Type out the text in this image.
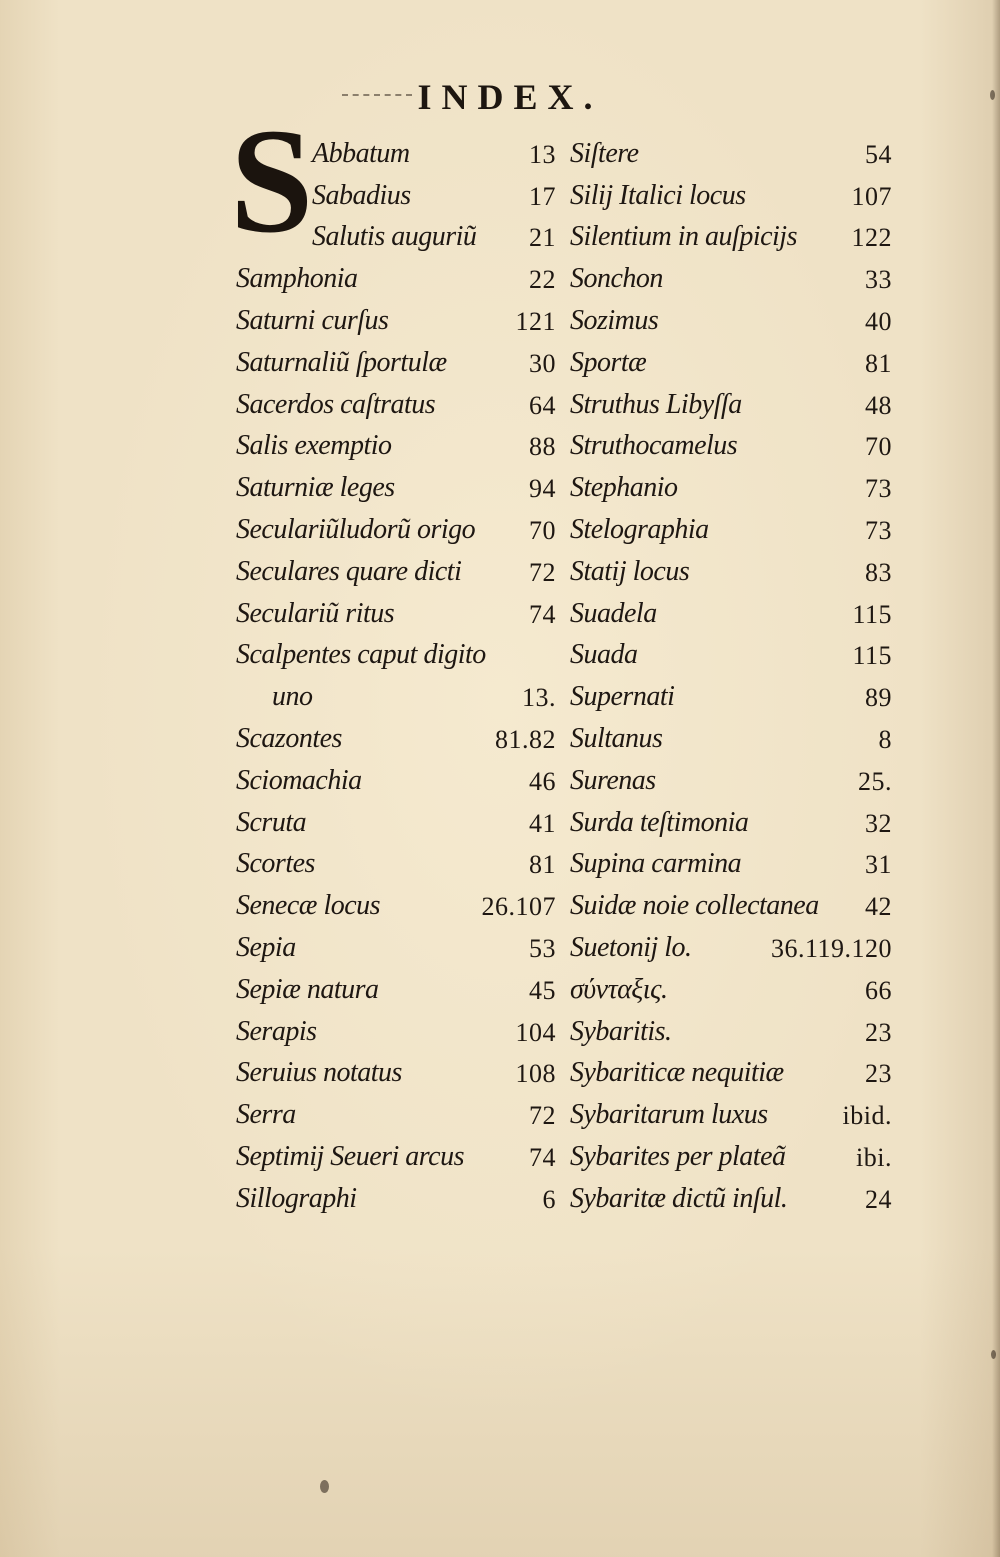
INDEX.
S
Abbatum	13
Sabadius	17
Salutis auguriũ 21
Samphonia	22
Saturni curſus	121
Saturnaliũ ſportulæ	30
Sacerdos caſtratus	64
Salis exemptio	88
Saturniæ leges	94
Seculariũludorũ origo 70
Seculares quare dicti	72
Seculariũ ritus	74
Scalpentes caput digito
uno	13.
Scazontes	81.82
Sciomachia	46
Scruta	41
Scortes	81
Senecæ locus	26.107
Sepia	53
Sepiæ natura	45
Serapis	104
Seruius notatus	108
Serra	72
Septimij Seueri arcus	74
Sillographi	6
Siſtere	54
Silij Italici locus	107
Silentium in auſpicijs 122
Sonchon	33
Sozimus	40
Sportæ	81
Struthus Libyſſa	48
Struthocamelus	70
Stephanio	73
Stelographia	73
Statij locus	83
Suadela	115
Suada	115
Supernati	89
Sultanus	8
Surenas	25.
Surda teſtimonia	32
Supina carmina	31
Suidæ noie collectanea 42
Suetonij lo.	36.119.120
σύνταξις.	66
Sybaritis.	23
Sybariticæ nequitiæ	23
Sybaritarum luxus	ibid.
Sybarites per plateã	ibi.
Sybaritæ dictũ inſul.	24
